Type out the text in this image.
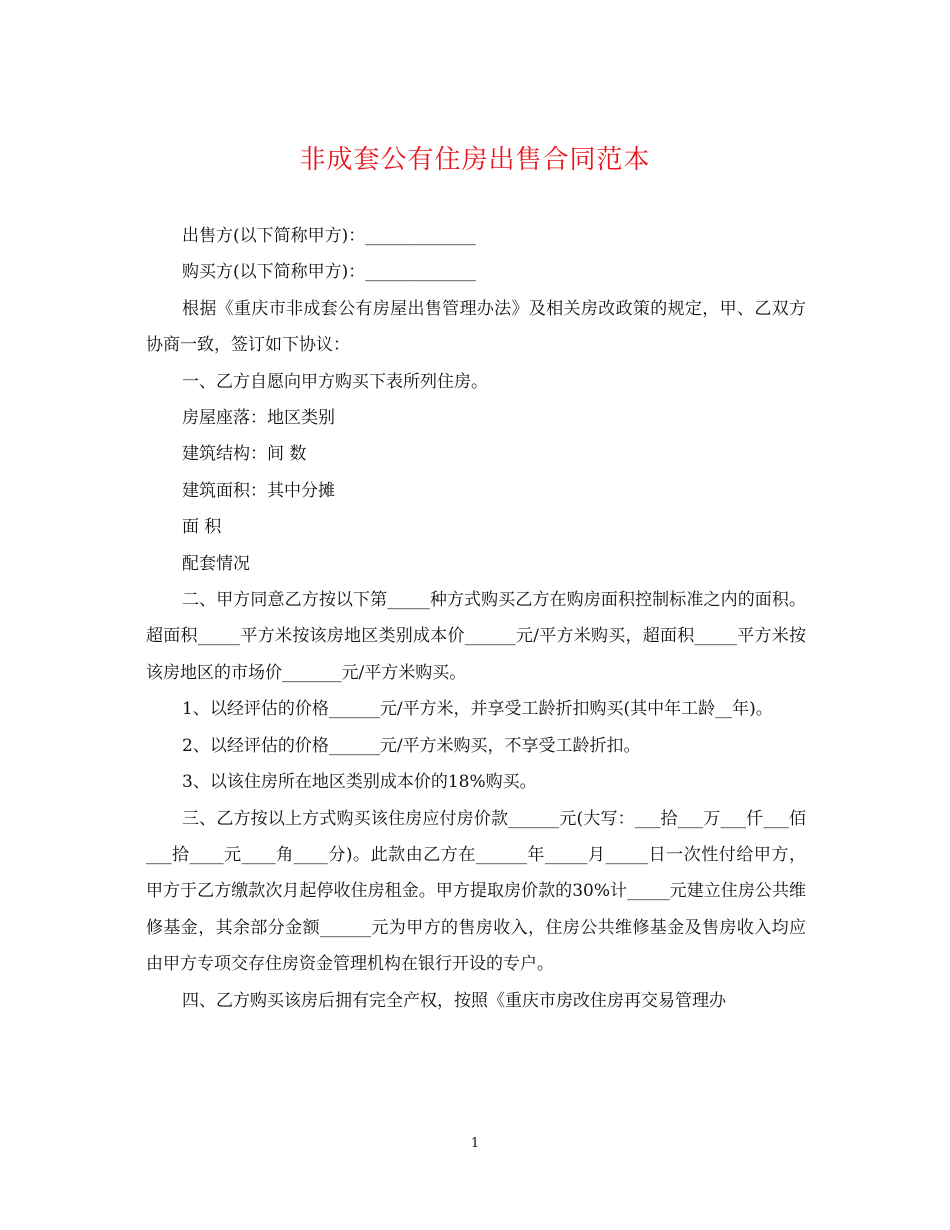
非成套公有住房出售合同范本

出售方(以下简称甲方)：_____________

购买方(以下简称甲方)：_____________

根据《重庆市非成套公有房屋出售管理办法》及相关房改政策的规定，甲、乙双方协商一致，签订如下协议：

一、乙方自愿向甲方购买下表所列住房。

房屋座落：地区类别

建筑结构：间 数

建筑面积：其中分摊

面 积

配套情况

二、甲方同意乙方按以下第_____种方式购买乙方在购房面积控制标准之内的面积。超面积_____平方米按该房地区类别成本价______元/平方米购买，超面积_____平方米按该房地区的市场价_______元/平方米购买。

1、以经评估的价格______元/平方米，并享受工龄折扣购买(其中年工龄__年)。

2、以经评估的价格______元/平方米购买，不享受工龄折扣。

3、以该住房所在地区类别成本价的18%购买。

三、乙方按以上方式购买该住房应付房价款______元(大写：___拾___万___仟___佰___拾____元____角____分)。此款由乙方在______年_____月_____日一次性付给甲方，甲方于乙方缴款次月起停收住房租金。甲方提取房价款的30%计_____元建立住房公共维修基金，其余部分金额______元为甲方的售房收入，住房公共维修基金及售房收入均应由甲方专项交存住房资金管理机构在银行开设的专户。

四、乙方购买该房后拥有完全产权，按照《重庆市房改住房再交易管理办

1
